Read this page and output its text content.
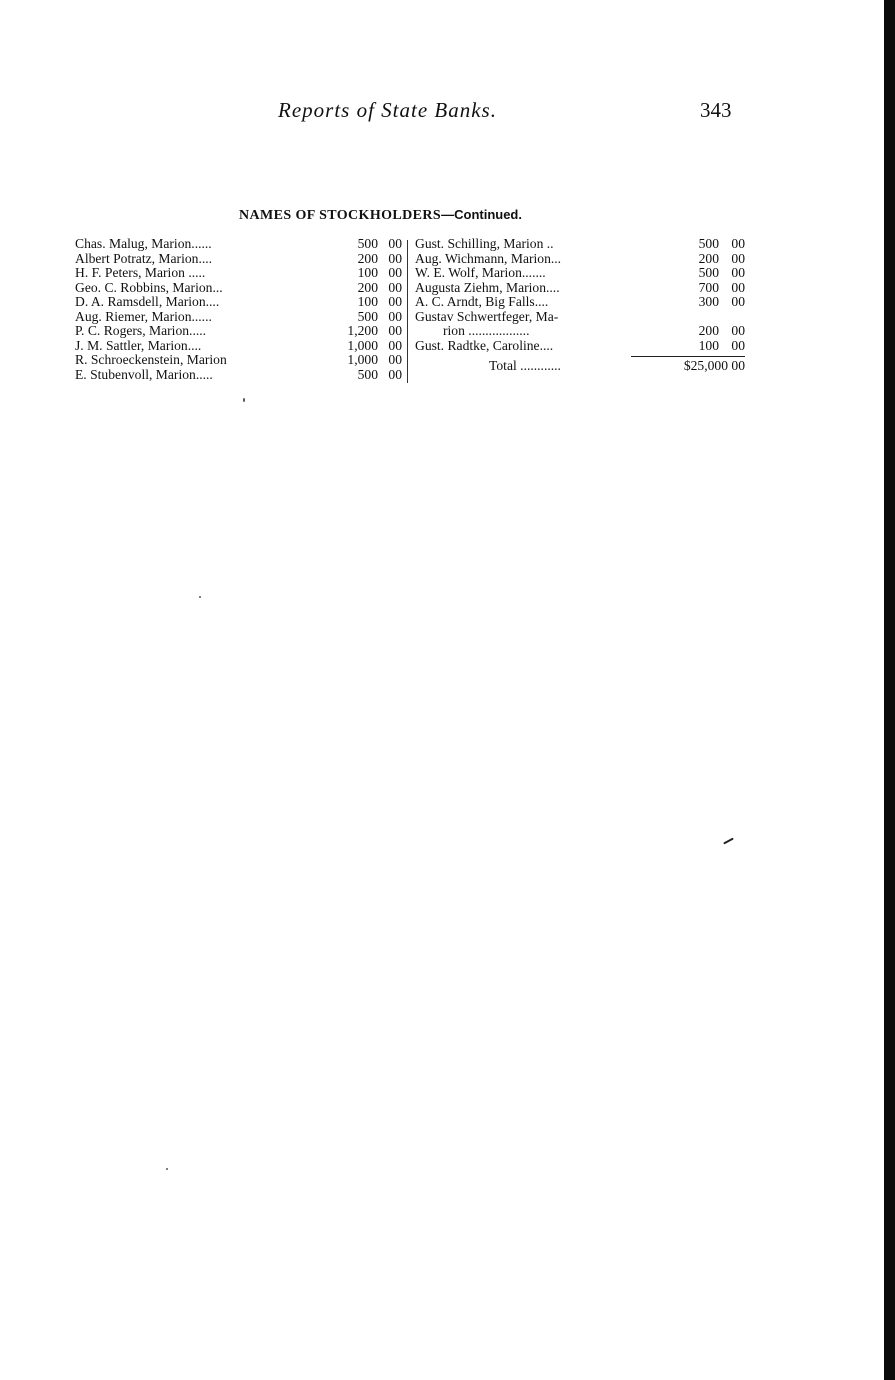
Reports of State Banks.	343
NAMES OF STOCKHOLDERS—Continued.
Chas. Malug, Marion......	500 00
Albert Potratz, Marion....	200 00
H. F. Peters, Marion .....	100 00
Geo. C. Robbins, Marion...	200 00
D. A. Ramsdell, Marion....	100 00
Aug. Riemer, Marion......	500 00
P. C. Rogers, Marion.....	1,200 00
J. M. Sattler, Marion....	1,000 00
R. Schroeckenstein, Marion	1,000 00
E. Stubenvoll, Marion.....	500 00
Gust. Schilling, Marion ..	500 00
Aug. Wichmann, Marion...	200 00
W. E. Wolf, Marion.......	500 00
Augusta Ziehm, Marion....	700 00
A. C. Arndt, Big Falls....	300 00
Gustav Schwertfeger, Ma-
rion ..................	200 00
Gust. Radtke, Caroline....	100 00
Total ............	$25,000 00
